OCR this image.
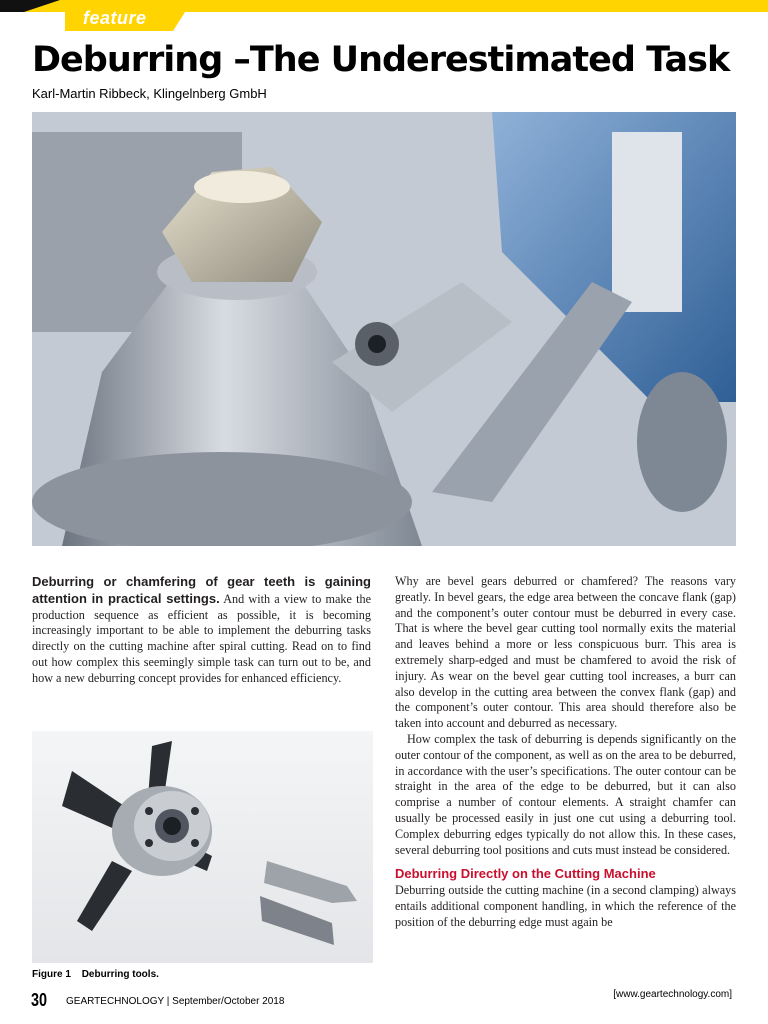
feature
Deburring –The Underestimated Task
Karl-Martin Ribbeck, Klingelnberg GmbH

Deburring or chamfering of gear teeth is gaining attention in practical settings. And with a view to make the production sequence as efficient as possible, it is becoming increasingly important to be able to implement the deburring tasks directly on the cutting machine after spiral cutting. Read on to find out how complex this seemingly simple task can turn out to be, and how a new deburring concept provides for enhanced efficiency.

Figure 1 Deburring tools.

Why are bevel gears deburred or chamfered? The reasons vary greatly. In bevel gears, the edge area between the concave flank (gap) and the component’s outer contour must be deburred in every case. That is where the bevel gear cutting tool normally exits the material and leaves behind a more or less conspicuous burr. This area is extremely sharp-edged and must be chamfered to avoid the risk of injury. As wear on the bevel gear cutting tool increases, a burr can also develop in the cutting area between the convex flank (gap) and the component’s outer contour. This area should therefore also be taken into account and deburred as necessary.

How complex the task of deburring is depends significantly on the outer contour of the component, as well as on the area to be deburred, in accordance with the user’s specifications. The outer contour can be straight in the area of the edge to be deburred, but it can also comprise a number of contour elements. A straight chamfer can usually be processed easily in just one cut using a deburring tool. Complex deburring edges typically do not allow this. In these cases, several deburring tool positions and cuts must instead be considered.

Deburring Directly on the Cutting Machine

Deburring outside the cutting machine (in a second clamping) always entails additional component handling, in which the reference of the position of the deburring edge must again be

30 GEARTECHNOLOGY | September/October 2018
[www.geartechnology.com]
